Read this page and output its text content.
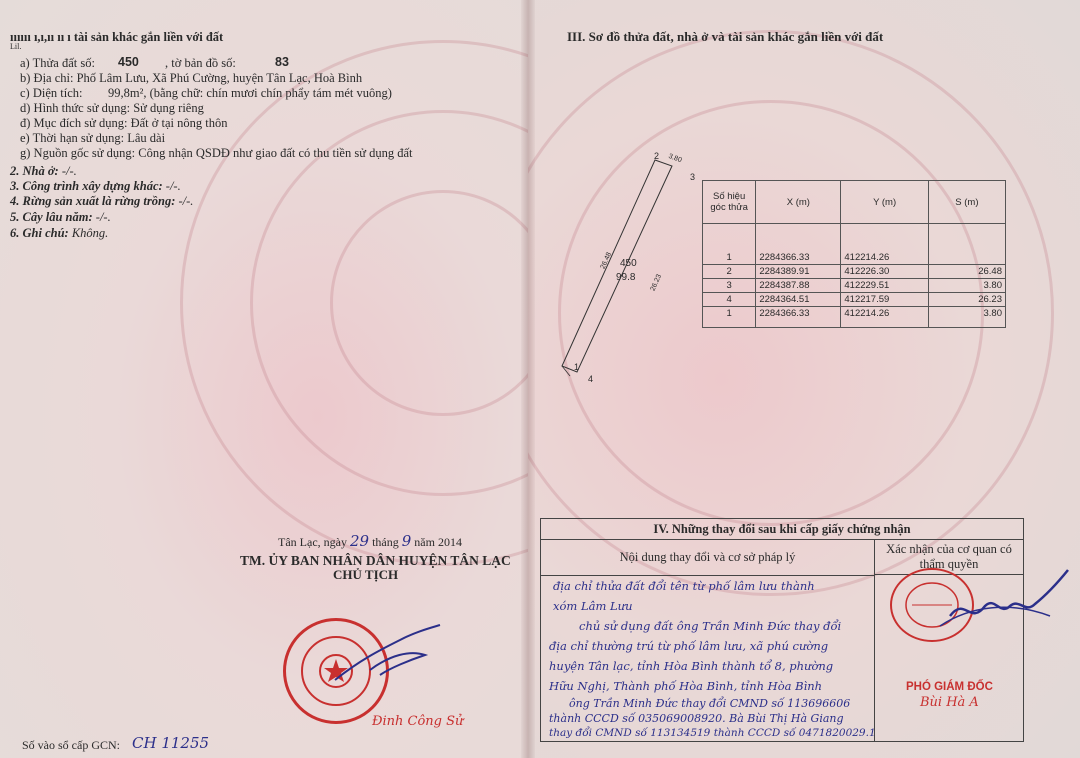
Lil.
ıııııı ı,ı,ıı ıı ı tài sản khác gắn liền với đất
a) Thửa đất số: 450 , tờ bản đồ số:	83
b) Địa chỉ: Phố Lâm Lưu, Xã Phú Cường, huyện Tân Lạc, Hoà Bình
c) Diện tích: 99,8m², (bằng chữ: chín mươi chín phẩy tám mét vuông)
d) Hình thức sử dụng: Sử dụng riêng
đ) Mục đích sử dụng: Đất ở tại nông thôn
e) Thời hạn sử dụng: Lâu dài
g) Nguồn gốc sử dụng: Công nhận QSDĐ như giao đất có thu tiền sử dụng đất
2. Nhà ở: -/-.
3. Công trình xây dựng khác: -/-.
4. Rừng sản xuất là rừng trồng: -/-.
5. Cây lâu năm: -/-.
6. Ghi chú: Không.
Tân Lạc, ngày 29 tháng 9 năm 2014
TM. ỦY BAN NHÂN DÂN HUYỆN TÂN LẠC
CHỦ TỊCH
Đinh Công Sử
Số vào sổ cấp GCN: CH 11255
III. Sơ đồ thửa đất, nhà ở và tài sản khác gắn liền với đất
2 3.80
3
4
1
26.48
26.23
450
99.8
Số hiệu góc thửa	X (m)	Y (m)	S (m)
1	2284366.33	412214.26	
2	2284389.91	412226.30	26.48
3	2284387.88	412229.51	3.80
4	2284364.51	412217.59	26.23
1	2284366.33	412214.26	3.80
IV. Những thay đổi sau khi cấp giấy chứng nhận
Nội dung thay đổi và cơ sở pháp lý
Xác nhận của cơ quan có thẩm quyền
địa chỉ thửa đất đổi tên từ phố lâm lưu thành
xóm Lâm Lưu
chủ sử dụng đất ông Trần Minh Đức thay đổi
địa chỉ thường trú từ phố lâm lưu, xã phú cường
huyện Tân lạc, tỉnh Hòa Bình thành tổ 8, phường
Hữu Nghị, Thành phố Hòa Bình, tỉnh Hòa Bình
ông Trần Minh Đức thay đổi CMND số 113696606
thành CCCD số 035069008920. Bà Bùi Thị Hà Giang
thay đổi CMND số 113134519 thành CCCD số 0471820029.1
PHÓ GIÁM ĐỐC
Bùi Hà A
